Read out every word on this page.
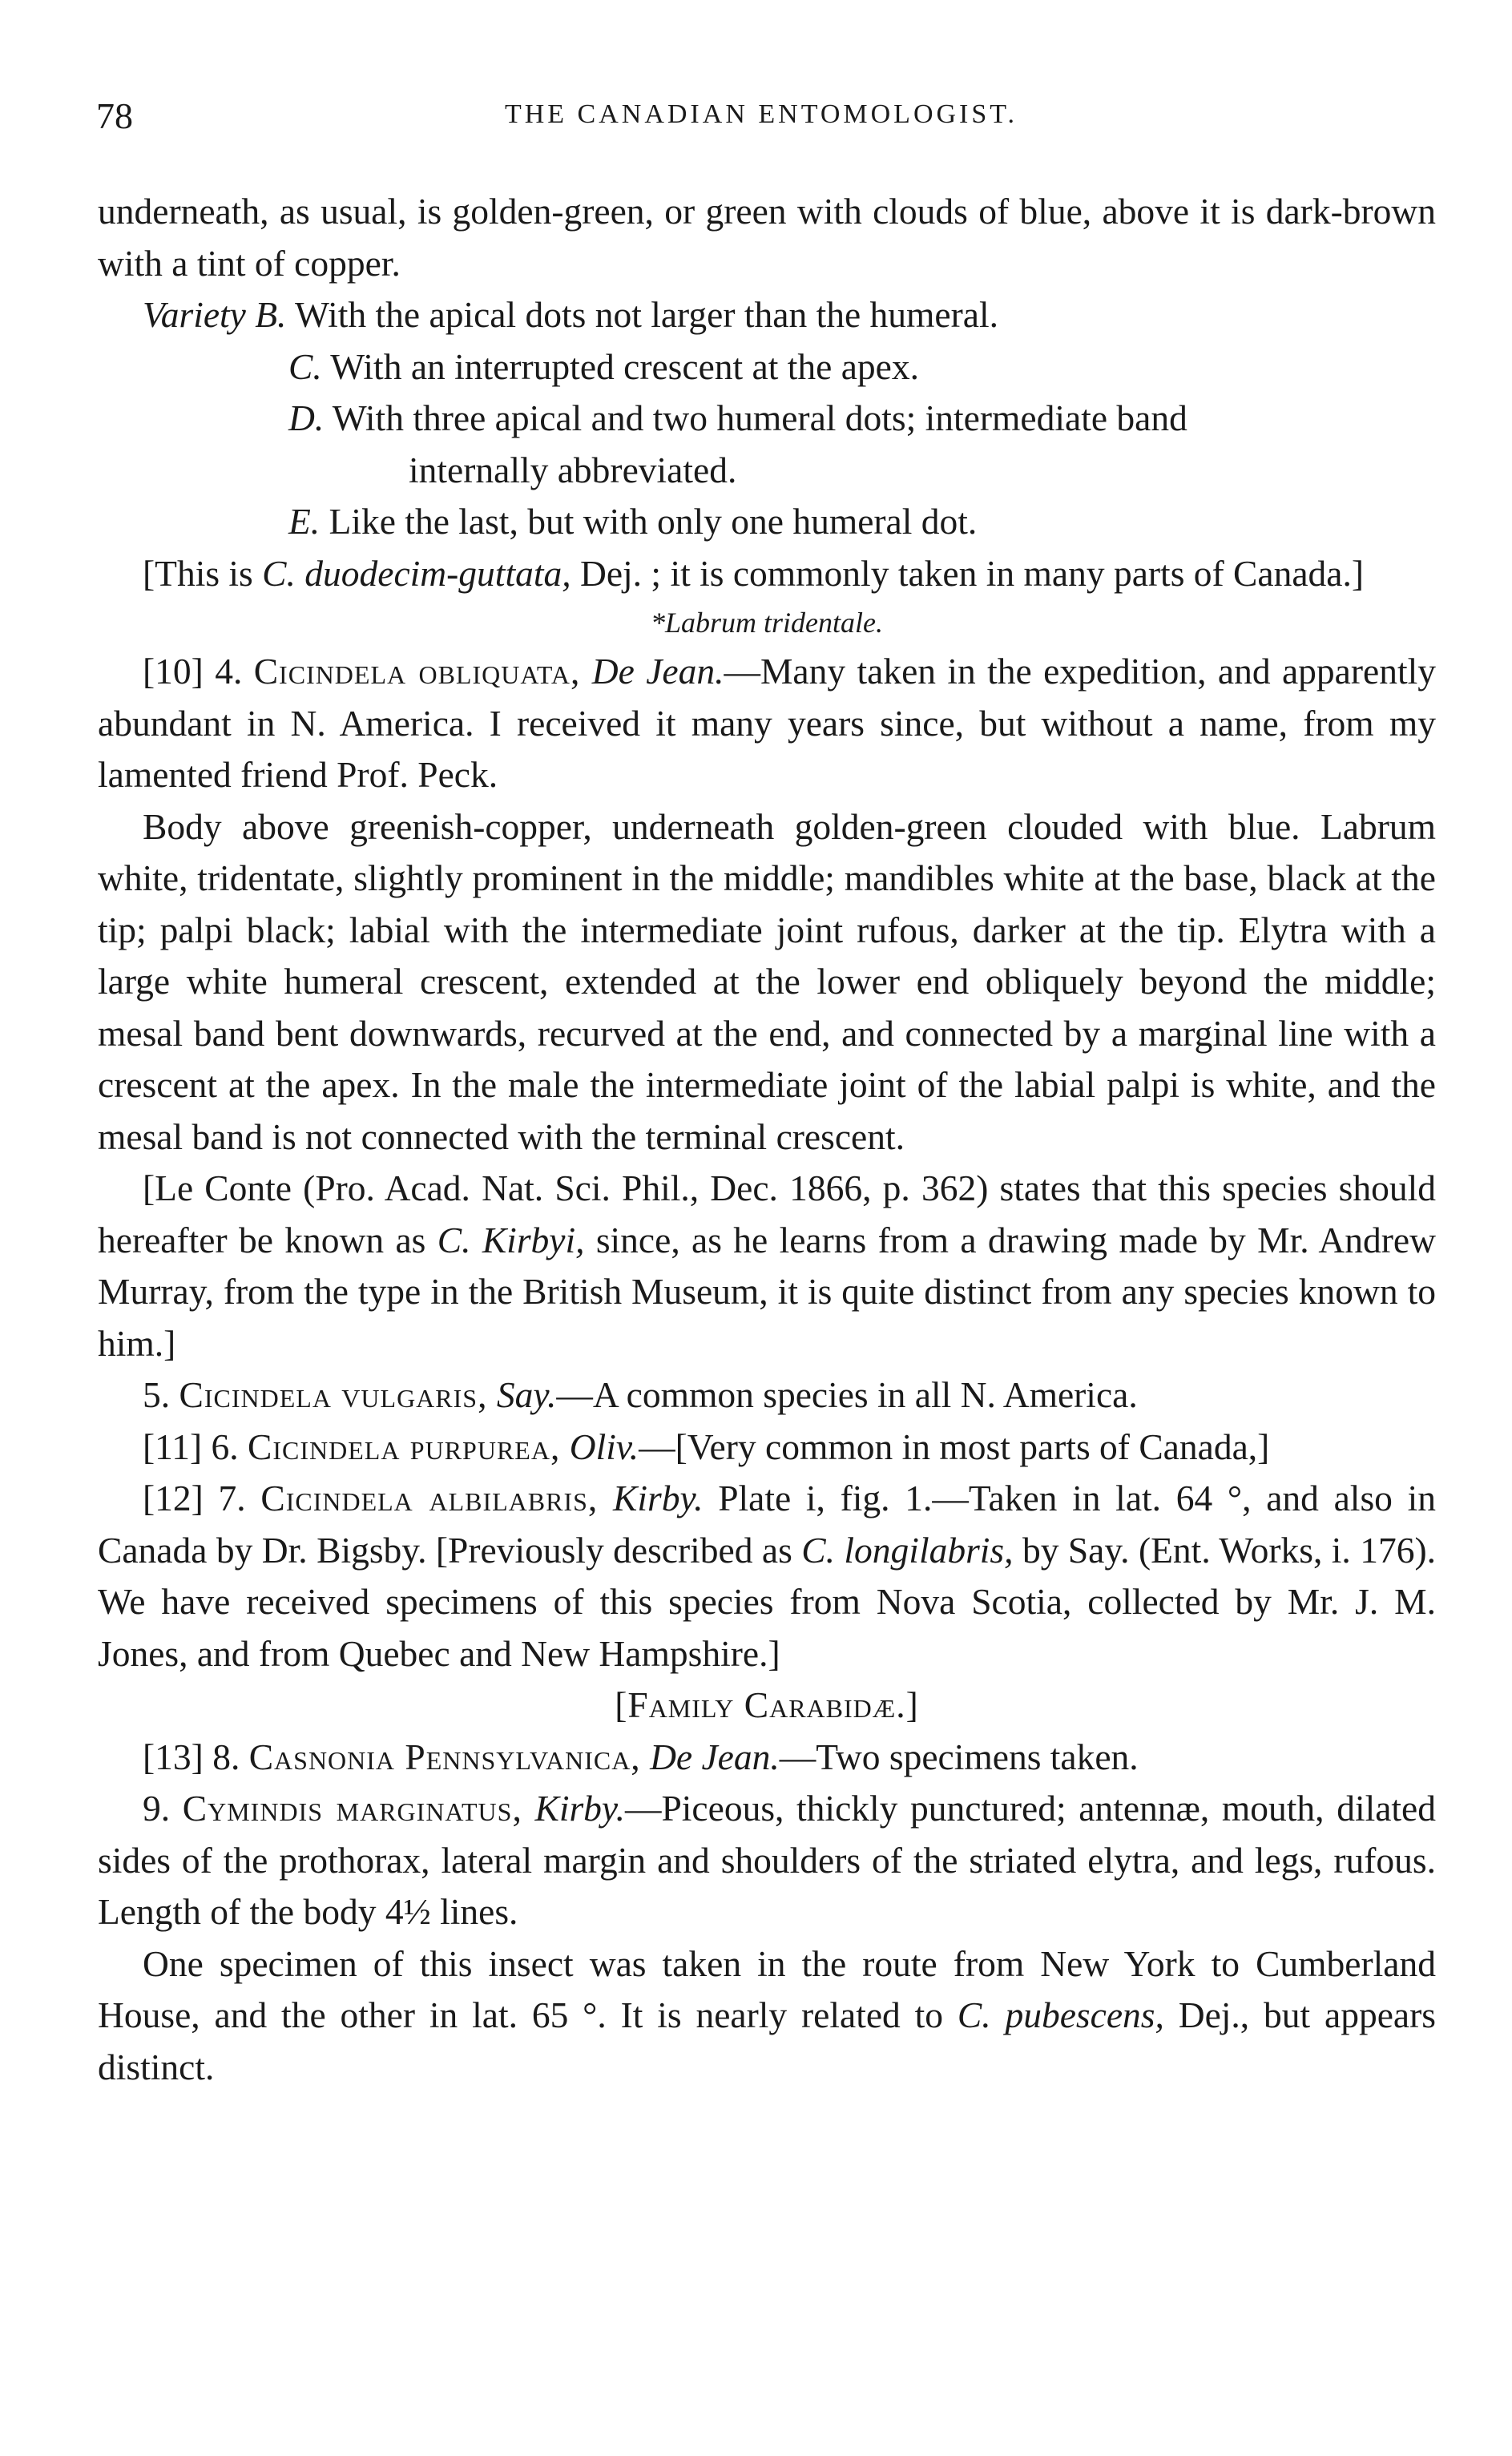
78	THE CANADIAN ENTOMOLOGIST.

underneath, as usual, is golden-green, or green with clouds of blue, above it is dark-brown with a tint of copper.

Variety B. With the apical dots not larger than the humeral.

C. With an interrupted crescent at the apex.

D. With three apical and two humeral dots; intermediate band

internally abbreviated.

E. Like the last, but with only one humeral dot.

[This is C. duodecim-guttata, Dej. ; it is commonly taken in many parts of Canada.]

*Labrum tridentale.

[10] 4. Cicindela obliquata, De Jean.—Many taken in the expedition, and apparently abundant in N. America. I received it many years since, but without a name, from my lamented friend Prof. Peck.

Body above greenish-copper, underneath golden-green clouded with blue. Labrum white, tridentate, slightly prominent in the middle; mandibles white at the base, black at the tip; palpi black; labial with the intermediate joint rufous, darker at the tip. Elytra with a large white humeral crescent, extended at the lower end obliquely beyond the middle; mesal band bent downwards, recurved at the end, and connected by a marginal line with a crescent at the apex. In the male the intermediate joint of the labial palpi is white, and the mesal band is not connected with the terminal crescent.

[Le Conte (Pro. Acad. Nat. Sci. Phil., Dec. 1866, p. 362) states that this species should hereafter be known as C. Kirbyi, since, as he learns from a drawing made by Mr. Andrew Murray, from the type in the British Museum, it is quite distinct from any species known to him.]

5. Cicindela vulgaris, Say.—A common species in all N. America.

[11] 6. Cicindela purpurea, Oliv.—[Very common in most parts of Canada,]

[12] 7. Cicindela albilabris, Kirby. Plate i, fig. 1.—Taken in lat. 64 °, and also in Canada by Dr. Bigsby. [Previously described as C. longilabris, by Say. (Ent. Works, i. 176). We have received specimens of this species from Nova Scotia, collected by Mr. J. M. Jones, and from Quebec and New Hampshire.]

[Family Carabidæ.]

[13] 8. Casnonia Pennsylvanica, De Jean.—Two specimens taken.

9. Cymindis marginatus, Kirby.—Piceous, thickly punctured; antennæ, mouth, dilated sides of the prothorax, lateral margin and shoulders of the striated elytra, and legs, rufous. Length of the body 4½ lines.

One specimen of this insect was taken in the route from New York to Cumberland House, and the other in lat. 65 °. It is nearly related to C. pubescens, Dej., but appears distinct.
